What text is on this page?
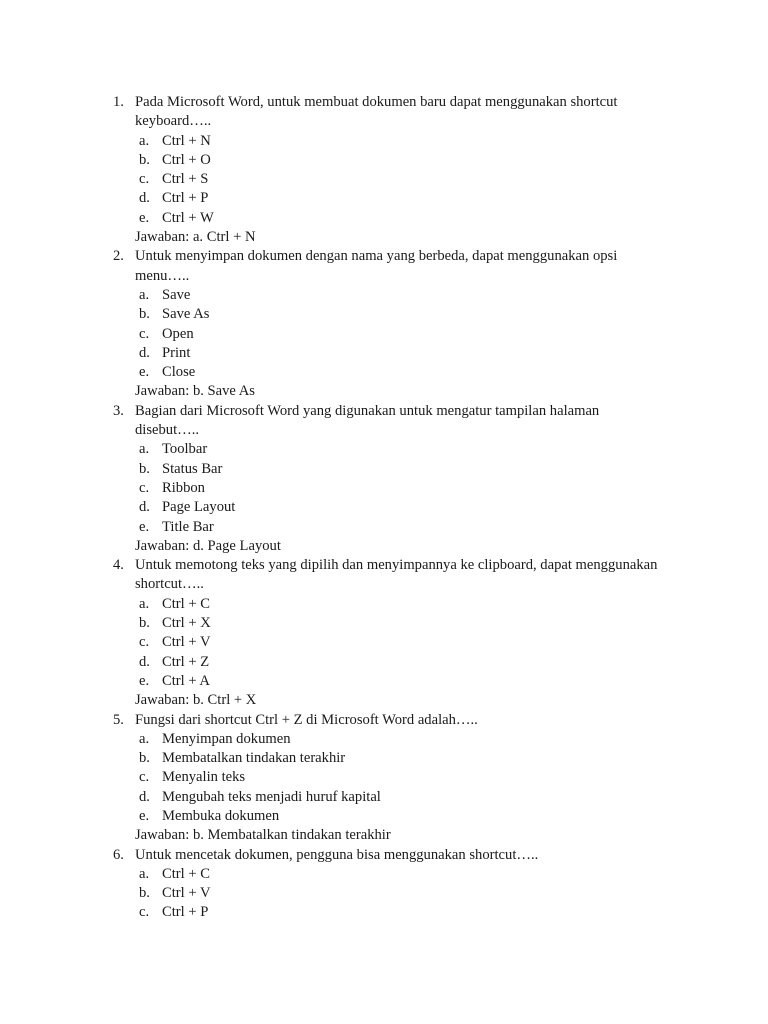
1. Pada Microsoft Word, untuk membuat dokumen baru dapat menggunakan shortcut
keyboard…..
a. Ctrl + N
b. Ctrl + O
c. Ctrl + S
d. Ctrl + P
e. Ctrl + W
Jawaban: a. Ctrl + N
2. Untuk menyimpan dokumen dengan nama yang berbeda, dapat menggunakan opsi
menu…..
a. Save
b. Save As
c. Open
d. Print
e. Close
Jawaban: b. Save As
3. Bagian dari Microsoft Word yang digunakan untuk mengatur tampilan halaman
disebut…..
a. Toolbar
b. Status Bar
c. Ribbon
d. Page Layout
e. Title Bar
Jawaban: d. Page Layout
4. Untuk memotong teks yang dipilih dan menyimpannya ke clipboard, dapat menggunakan
shortcut…..
a. Ctrl + C
b. Ctrl + X
c. Ctrl + V
d. Ctrl + Z
e. Ctrl + A
Jawaban: b. Ctrl + X
5. Fungsi dari shortcut Ctrl + Z di Microsoft Word adalah…..
a. Menyimpan dokumen
b. Membatalkan tindakan terakhir
c. Menyalin teks
d. Mengubah teks menjadi huruf kapital
e. Membuka dokumen
Jawaban: b. Membatalkan tindakan terakhir
6. Untuk mencetak dokumen, pengguna bisa menggunakan shortcut…..
a. Ctrl + C
b. Ctrl + V
c. Ctrl + P
